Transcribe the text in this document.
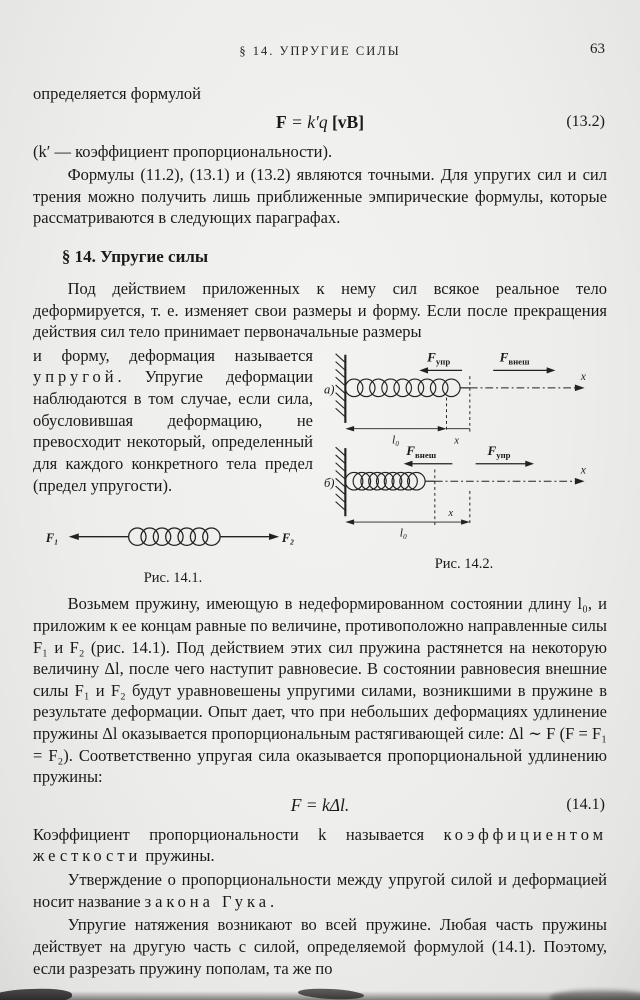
§ 14. УПРУГИЕ СИЛЫ	63

определяется формулой

F = k′q [vB]	(13.2)

(k′ — коэффициент пропорциональности).

Формулы (11.2), (13.1) и (13.2) являются точными. Для упругих сил и сил трения можно получить лишь приближенные эмпирические формулы, которые рассматриваются в следующих параграфах.

§ 14. Упругие силы

Под действием приложенных к нему сил всякое реальное тело деформируется, т. е. изменяет свои размеры и форму. Если после прекращения действия сил тело принимает первоначальные размеры

и форму, деформация называется упругой. Упругие деформации наблюдаются в том случае, если сила, обусловившая деформацию, не превосходит некоторый, определенный для каждого конкретного тела предел (предел упругости).

F₁	F₂
Рис. 14.1.
а)
$F_{упр}$	$F_{внеш}$
x
l₀	x
б)
$F_{внеш}$	$F_{упр}$
x
l₀
x
Рис. 14.2.

Возьмем пружину, имеющую в недеформированном состоянии длину l₀, и приложим к ее концам равные по величине, противоположно направленные силы F₁ и F₂ (рис. 14.1). Под действием этих сил пружина растянется на некоторую величину Δl, после чего наступит равновесие. В состоянии равновесия внешние силы F₁ и F₂ будут уравновешены упругими силами, возникшими в пружине в результате деформации. Опыт дает, что при небольших деформациях удлинение пружины Δl оказывается пропорциональным растягивающей силе: Δl ∼ F (F = F₁ = F₂). Соответственно упругая сила оказывается пропорциональной удлинению пружины:

F = kΔl.	(14.1)

Коэффициент пропорциональности k называется коэффициентом жесткости пружины.

Утверждение о пропорциональности между упругой силой и деформацией носит название закона Гука.

Упругие натяжения возникают во всей пружине. Любая часть пружины действует на другую часть с силой, определяемой формулой (14.1). Поэтому, если разрезать пружину пополам, та же по
